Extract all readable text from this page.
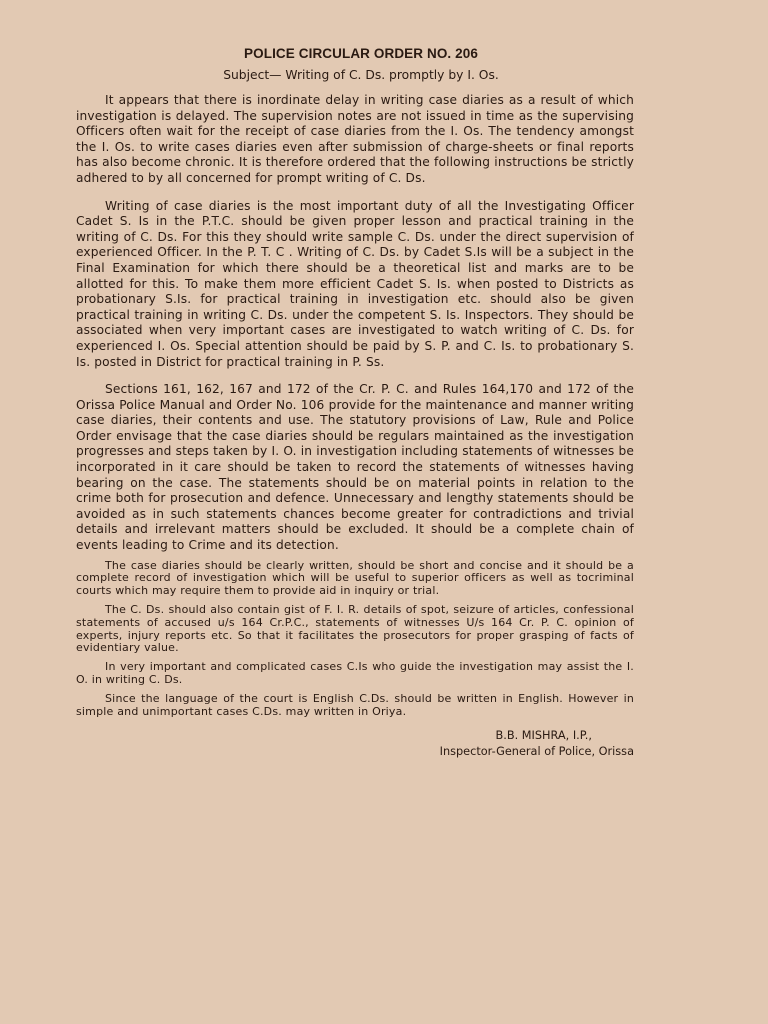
POLICE CIRCULAR ORDER NO. 206
Subject— Writing of C. Ds. promptly by I. Os.

It appears that there is inordinate delay in writing case diaries as a result of which investigation is delayed. The supervision notes are not issued in time as the supervising Officers often wait for the receipt of case diaries from the I. Os. The tendency amongst the I. Os. to write cases diaries even after submission of charge-sheets or final reports has also become chronic. It is therefore ordered that the following instructions be strictly adhered to by all concerned for prompt writing of C. Ds.

Writing of case diaries is the most important duty of all the Investigating Officer Cadet S. Is in the P.T.C. should be given proper lesson and practical training in the writing of C. Ds. For this they should write sample C. Ds. under the direct supervision of experienced Officer. In the P. T. C . Writing of C. Ds. by Cadet S.Is will be a subject in the Final Examination for which there should be a theoretical list and marks are to be allotted for this. To make them more efficient Cadet S. Is. when posted to Districts as probationary S.Is. for practical training in investigation etc. should also be given practical training in writing C. Ds. under the competent S. Is. Inspectors. They should be associated when very important cases are investigated to watch writing of C. Ds. for experienced I. Os. Special attention should be paid by S. P. and C. Is. to probationary S. Is. posted in District for practical training in P. Ss.

Sections 161, 162, 167 and 172 of the Cr. P. C. and Rules 164,170 and 172 of the Orissa Police Manual and Order No. 106 provide for the maintenance and manner writing case diaries, their contents and use. The statutory provisions of Law, Rule and Police Order envisage that the case diaries should be regulars maintained as the investigation progresses and steps taken by I. O. in investigation including statements of witnesses be incorporated in it care should be taken to record the statements of witnesses having bearing on the case. The statements should be on material points in relation to the crime both for prosecution and defence. Unnecessary and lengthy statements should be avoided as in such statements chances become greater for contradictions and trivial details and irrelevant matters should be excluded. It should be a complete chain of events leading to Crime and its detection.

The case diaries should be clearly written, should be short and concise and it should be a complete record of investigation which will be useful to superior officers as well as tocriminal courts which may require them to provide aid in inquiry or trial.

The C. Ds. should also contain gist of F. I. R. details of spot, seizure of articles, confessional statements of accused u/s 164 Cr.P.C., statements of witnesses U/s 164 Cr. P. C. opinion of experts, injury reports etc. So that it facilitates the prosecutors for proper grasping of facts of evidentiary value.

In very important and complicated cases C.Is who guide the investigation may assist the I. O. in writing C. Ds.

Since the language of the court is English C.Ds. should be written in English. However in simple and unimportant cases C.Ds. may written in Oriya.

B.B. MISHRA, I.P.,
Inspector-General of Police, Orissa
